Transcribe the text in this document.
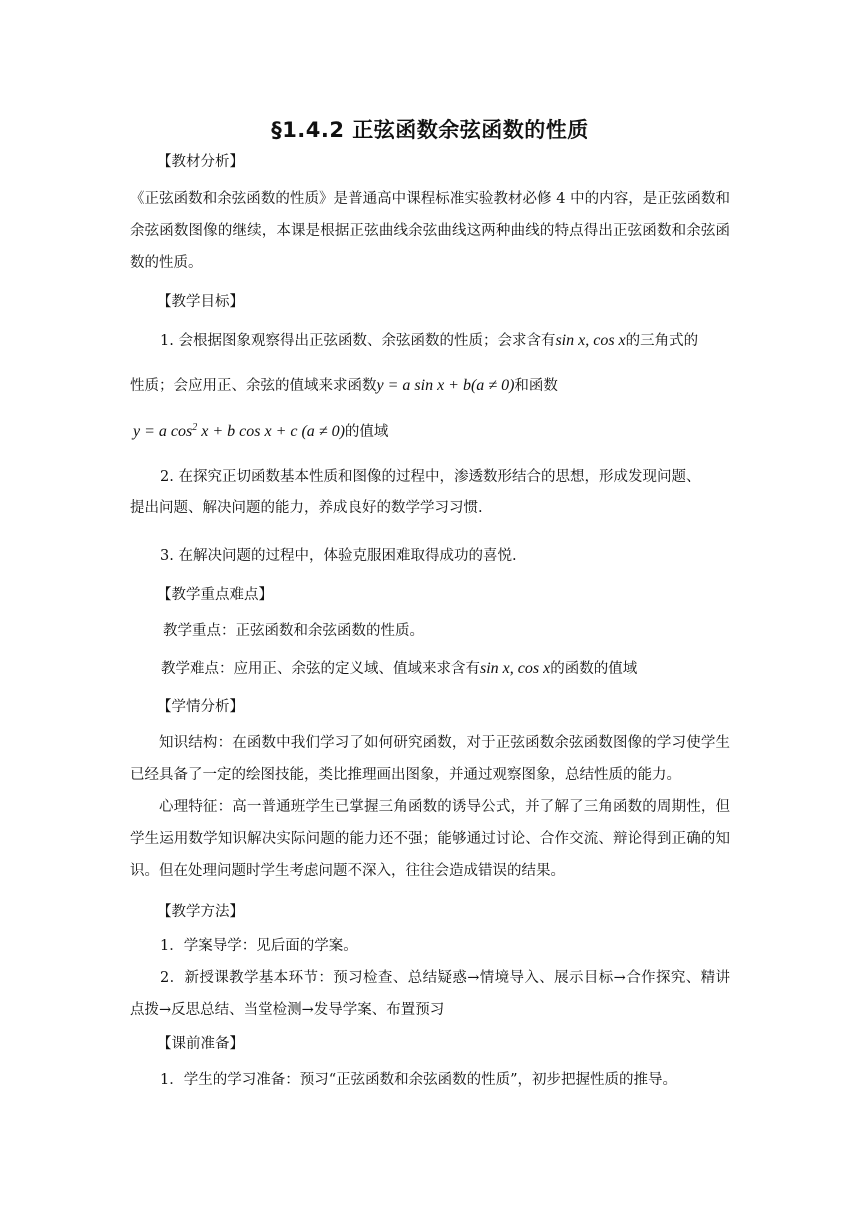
§1.4.2 正弦函数余弦函数的性质
【教材分析】
《正弦函数和余弦函数的性质》是普通高中课程标准实验教材必修 4 中的内容，是正弦函数和余弦函数图像的继续，本课是根据正弦曲线余弦曲线这两种曲线的特点得出正弦函数和余弦函数的性质。
【教学目标】
1. 会根据图象观察得出正弦函数、余弦函数的性质；会求含有sin x, cos x的三角式的
性质；会应用正、余弦的值域来求函数y = a sin x + b(a ≠ 0)和函数
y = a $\cos^2 x + b$ cos x + c (a ≠ 0)的值域
2. 在探究正切函数基本性质和图像的过程中，渗透数形结合的思想，形成发现问题、
提出问题、解决问题的能力，养成良好的数学学习习惯.
3. 在解决问题的过程中，体验克服困难取得成功的喜悦.
【教学重点难点】
教学重点：正弦函数和余弦函数的性质。
教学难点：应用正、余弦的定义域、值域来求含有sin x, cos x的函数的值域
【学情分析】
知识结构：在函数中我们学习了如何研究函数，对于正弦函数余弦函数图像的学习使学生已经具备了一定的绘图技能，类比推理画出图象，并通过观察图象，总结性质的能力。
心理特征：高一普通班学生已掌握三角函数的诱导公式，并了解了三角函数的周期性，但学生运用数学知识解决实际问题的能力还不强；能够通过讨论、合作交流、辩论得到正确的知识。但在处理问题时学生考虑问题不深入，往往会造成错误的结果。
【教学方法】
1．学案导学：见后面的学案。
2．新授课教学基本环节：预习检查、总结疑惑→情境导入、展示目标→合作探究、精讲点拨→反思总结、当堂检测→发导学案、布置预习
【课前准备】
1．学生的学习准备：预习“正弦函数和余弦函数的性质”，初步把握性质的推导。
